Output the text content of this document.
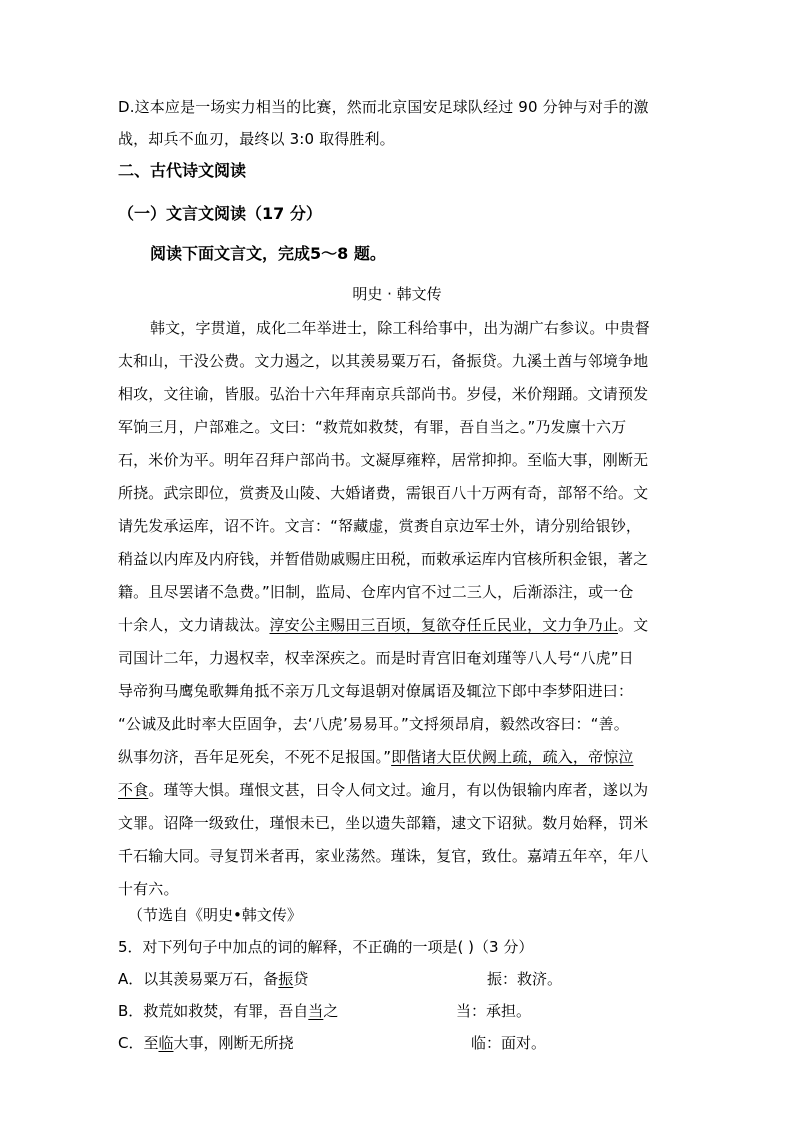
D.这本应是一场实力相当的比赛，然而北京国安足球队经过 90 分钟与对手的激
战，却兵不血刃，最终以 3:0 取得胜利。
二、古代诗文阅读
（一）文言文阅读（17 分）
阅读下面文言文，完成5～8 题。
明史 · 韩文传
韩文，字贯道，成化二年举进士，除工科给事中，出为湖广右参议。中贵督
太和山，干没公费。文力遏之，以其羡易粟万石，备振贷。九溪土酋与邻境争地
相攻，文往谕，皆服。弘治十六年拜南京兵部尚书。岁侵，米价翔踊。文请预发
军饷三月，户部难之。文曰：“救荒如救焚，有罪，吾自当之。”乃发廪十六万
石，米价为平。明年召拜户部尚书。文凝厚雍粹，居常抑抑。至临大事，刚断无
所挠。武宗即位，赏赉及山陵、大婚诸费，需银百八十万两有奇，部帑不给。文
请先发承运库，诏不许。文言：“帑藏虚，赏赉自京边军士外，请分别给银钞，
稍益以内库及内府钱，并暂借勋戚赐庄田税，而敕承运库内官核所积金银，著之
籍。且尽罢诸不急费。”旧制，监局、仓库内官不过二三人，后渐添注，或一仓
十余人，文力请裁汰。淳安公主赐田三百顷，复欲夺任丘民业，文力争乃止。文
司国计二年，力遏权幸，权幸深疾之。而是时青宫旧奄刘瑾等八人号“八虎”日
导帝狗马鹰兔歌舞角抵不亲万几文每退朝对僚属语及辄泣下郎中李梦阳进曰：
“公诚及此时率大臣固争，去‘八虎’易易耳。”文捋须昂肩，毅然改容曰：“善。
纵事勿济，吾年足死矣，不死不足报国。”即偕诸大臣伏阙上疏，疏入，帝惊泣
不食。瑾等大惧。瑾恨文甚，日令人伺文过。逾月，有以伪银输内库者，遂以为
文罪。诏降一级致仕，瑾恨未已，坐以遗失部籍，逮文下诏狱。数月始释，罚米
千石输大同。寻复罚米者再，家业荡然。瑾诛，复官，致仕。嘉靖五年卒，年八
十有六。
（节选自《明史•韩文传》
5．对下列句子中加点的词的解释，不正确的一项是( )（3 分）
A．以其羡易粟万石，备振贷	振：救济。
B．救荒如救焚，有罪，吾自当之	当：承担。
C．至临大事，刚断无所挠	临：面对。
